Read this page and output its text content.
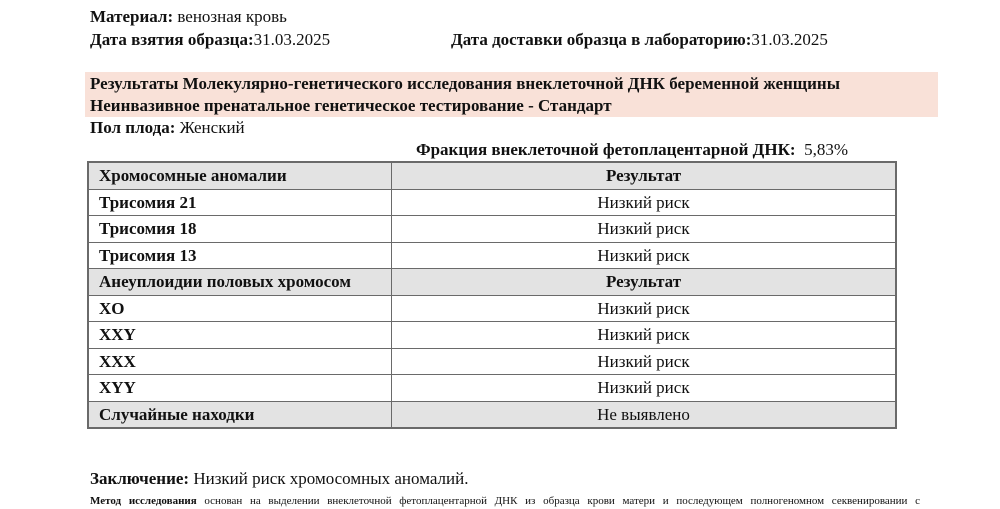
Материал: венозная кровь
Дата взятия образца:31.03.2025	Дата доставки образца в лабораторию:31.03.2025
Результаты Молекулярно-генетического исследования внеклеточной ДНК беременной женщины
Неинвазивное пренатальное генетическое тестирование - Стандарт
Пол плода: Женский

Фракция внеклеточной фетоплацентарной ДНК:  5,83%

Хромосомные аномалии	Результат
Трисомия 21	Низкий риск
Трисомия 18	Низкий риск
Трисомия 13	Низкий риск
Анеуплоидии половых хромосом	Результат
XO	Низкий риск
XXY	Низкий риск
XXX	Низкий риск
XYY	Низкий риск
Случайные находки	Не выявлено
Заключение: Низкий риск хромосомных аномалий.
Метод исследования основан на выделении внеклеточной фетоплацентарной ДНК из образца крови матери и последующем полногеномном секвенировании с
